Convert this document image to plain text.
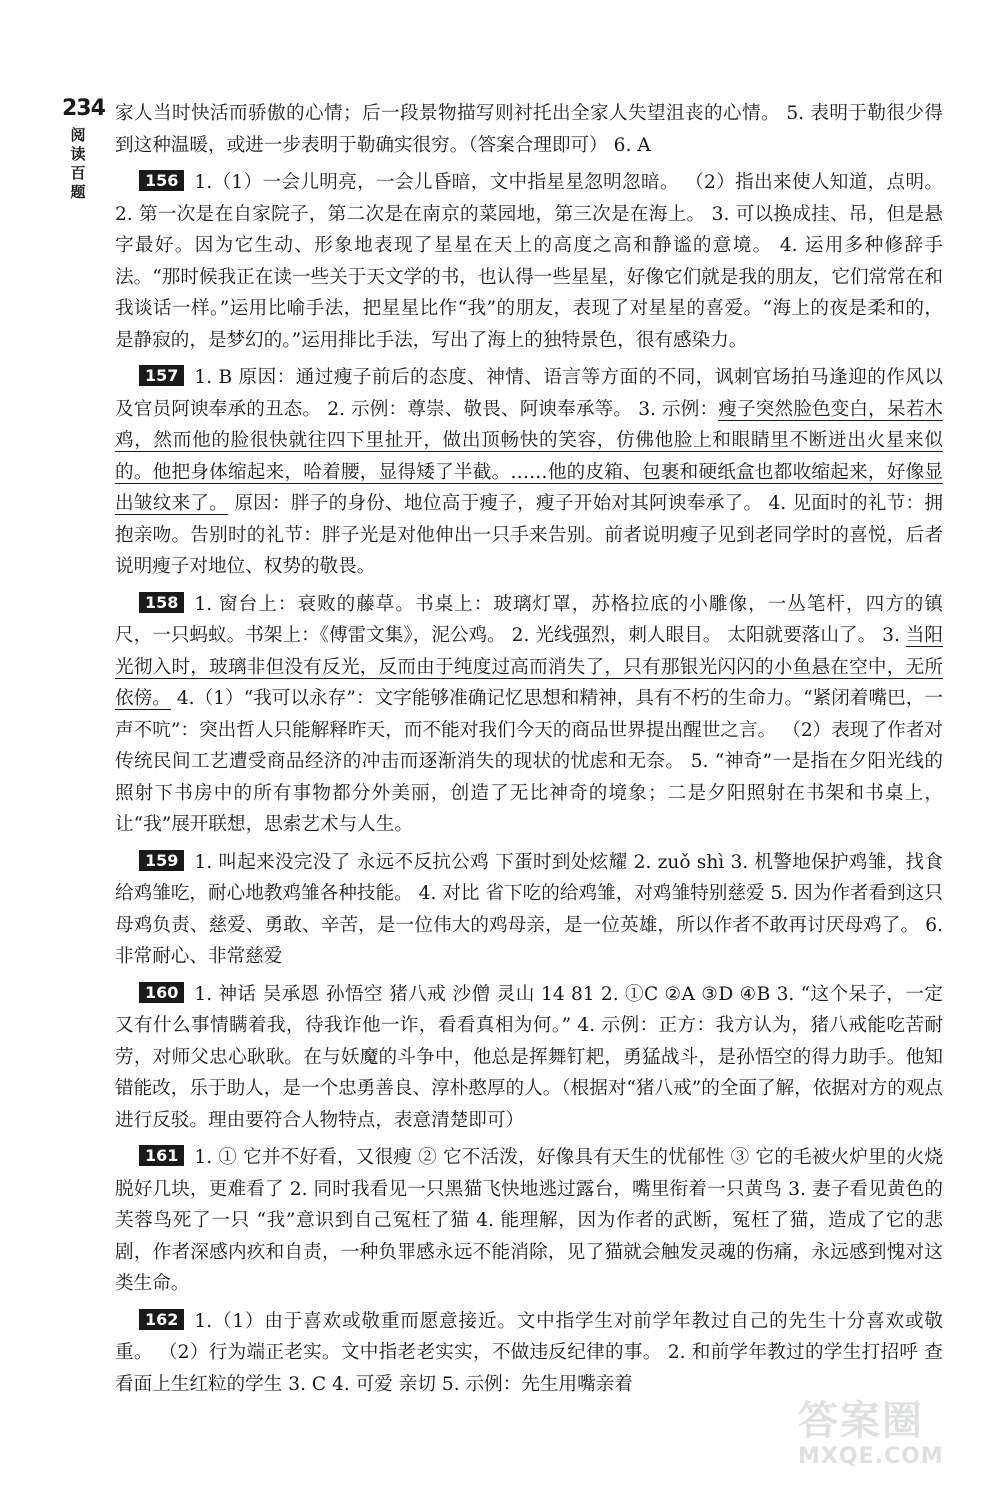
234
阅
读
百
题

家人当时快活而骄傲的心情；后一段景物描写则衬托出全家人失望沮丧的心情。 5. 表明于勒很少得到这种温暖，或进一步表明于勒确实很穷。（答案合理即可） 6. A

156 1.（1）一会儿明亮，一会儿昏暗，文中指星星忽明忽暗。 （2）指出来使人知道，点明。 2. 第一次是在自家院子，第二次是在南京的菜园地，第三次是在海上。 3. 可以换成挂、吊，但是悬字最好。因为它生动、形象地表现了星星在天上的高度之高和静谧的意境。 4. 运用多种修辞手法。“那时候我正在读一些关于天文学的书，也认得一些星星，好像它们就是我的朋友，它们常常在和我谈话一样。”运用比喻手法，把星星比作“我”的朋友，表现了对星星的喜爱。“海上的夜是柔和的，是静寂的，是梦幻的。”运用排比手法，写出了海上的独特景色，很有感染力。

157 1. B 原因：通过瘦子前后的态度、神情、语言等方面的不同，讽刺官场拍马逢迎的作风以及官员阿谀奉承的丑态。 2. 示例：尊崇、敬畏、阿谀奉承等。 3. 示例：瘦子突然脸色变白，呆若木鸡，然而他的脸很快就往四下里扯开，做出顶畅快的笑容，仿佛他脸上和眼睛里不断迸出火星来似的。他把身体缩起来，哈着腰，显得矮了半截。……他的皮箱、包裹和硬纸盒也都收缩起来，好像显出皱纹来了。 原因：胖子的身份、地位高于瘦子，瘦子开始对其阿谀奉承了。 4. 见面时的礼节：拥抱亲吻。告别时的礼节：胖子光是对他伸出一只手来告别。前者说明瘦子见到老同学时的喜悦，后者说明瘦子对地位、权势的敬畏。

158 1. 窗台上：衰败的藤草。书桌上：玻璃灯罩，苏格拉底的小雕像，一丛笔杆，四方的镇尺，一只蚂蚁。书架上：《傅雷文集》，泥公鸡。 2. 光线强烈，刺人眼目。 太阳就要落山了。 3. 当阳光彻入时，玻璃非但没有反光，反而由于纯度过高而消失了，只有那银光闪闪的小鱼悬在空中，无所依傍。 4.（1）“我可以永存”：文字能够准确记忆思想和精神，具有不朽的生命力。“紧闭着嘴巴，一声不吭”：突出哲人只能解释昨天，而不能对我们今天的商品世界提出醒世之言。 （2）表现了作者对传统民间工艺遭受商品经济的冲击而逐渐消失的现状的忧虑和无奈。 5. “神奇”一是指在夕阳光线的照射下书房中的所有事物都分外美丽，创造了无比神奇的境象；二是夕阳照射在书架和书桌上，让“我”展开联想，思索艺术与人生。

159 1. 叫起来没完没了 永远不反抗公鸡 下蛋时到处炫耀 2. zuǒ shì 3. 机警地保护鸡雏，找食给鸡雏吃，耐心地教鸡雏各种技能。 4. 对比 省下吃的给鸡雏，对鸡雏特别慈爱 5. 因为作者看到这只母鸡负责、慈爱、勇敢、辛苦，是一位伟大的鸡母亲，是一位英雄，所以作者不敢再讨厌母鸡了。 6. 非常耐心、非常慈爱

160 1. 神话 吴承恩 孙悟空 猪八戒 沙僧 灵山 14 81 2. ①C ②A ③D ④B 3. “这个呆子，一定又有什么事情瞒着我，待我诈他一诈，看看真相为何。” 4. 示例：正方：我方认为，猪八戒能吃苦耐劳，对师父忠心耿耿。在与妖魔的斗争中，他总是挥舞钉耙，勇猛战斗，是孙悟空的得力助手。他知错能改，乐于助人，是一个忠勇善良、淳朴憨厚的人。（根据对“猪八戒”的全面了解，依据对方的观点进行反驳。理由要符合人物特点，表意清楚即可）

161 1. ① 它并不好看，又很瘦 ② 它不活泼，好像具有天生的忧郁性 ③ 它的毛被火炉里的火烧脱好几块，更难看了 2. 同时我看见一只黑猫飞快地逃过露台，嘴里衔着一只黄鸟 3. 妻子看见黄色的芙蓉鸟死了一只 “我”意识到自己冤枉了猫 4. 能理解，因为作者的武断，冤枉了猫，造成了它的悲剧，作者深感内疚和自责，一种负罪感永远不能消除，见了猫就会触发灵魂的伤痛，永远感到愧对这类生命。

162 1.（1）由于喜欢或敬重而愿意接近。文中指学生对前学年教过自己的先生十分喜欢或敬重。 （2）行为端正老实。文中指老老实实，不做违反纪律的事。 2. 和前学年教过的学生打招呼 查看面上生红粒的学生 3. C 4. 可爱 亲切 5. 示例：先生用嘴亲着

答案圈
MXQE.COM
